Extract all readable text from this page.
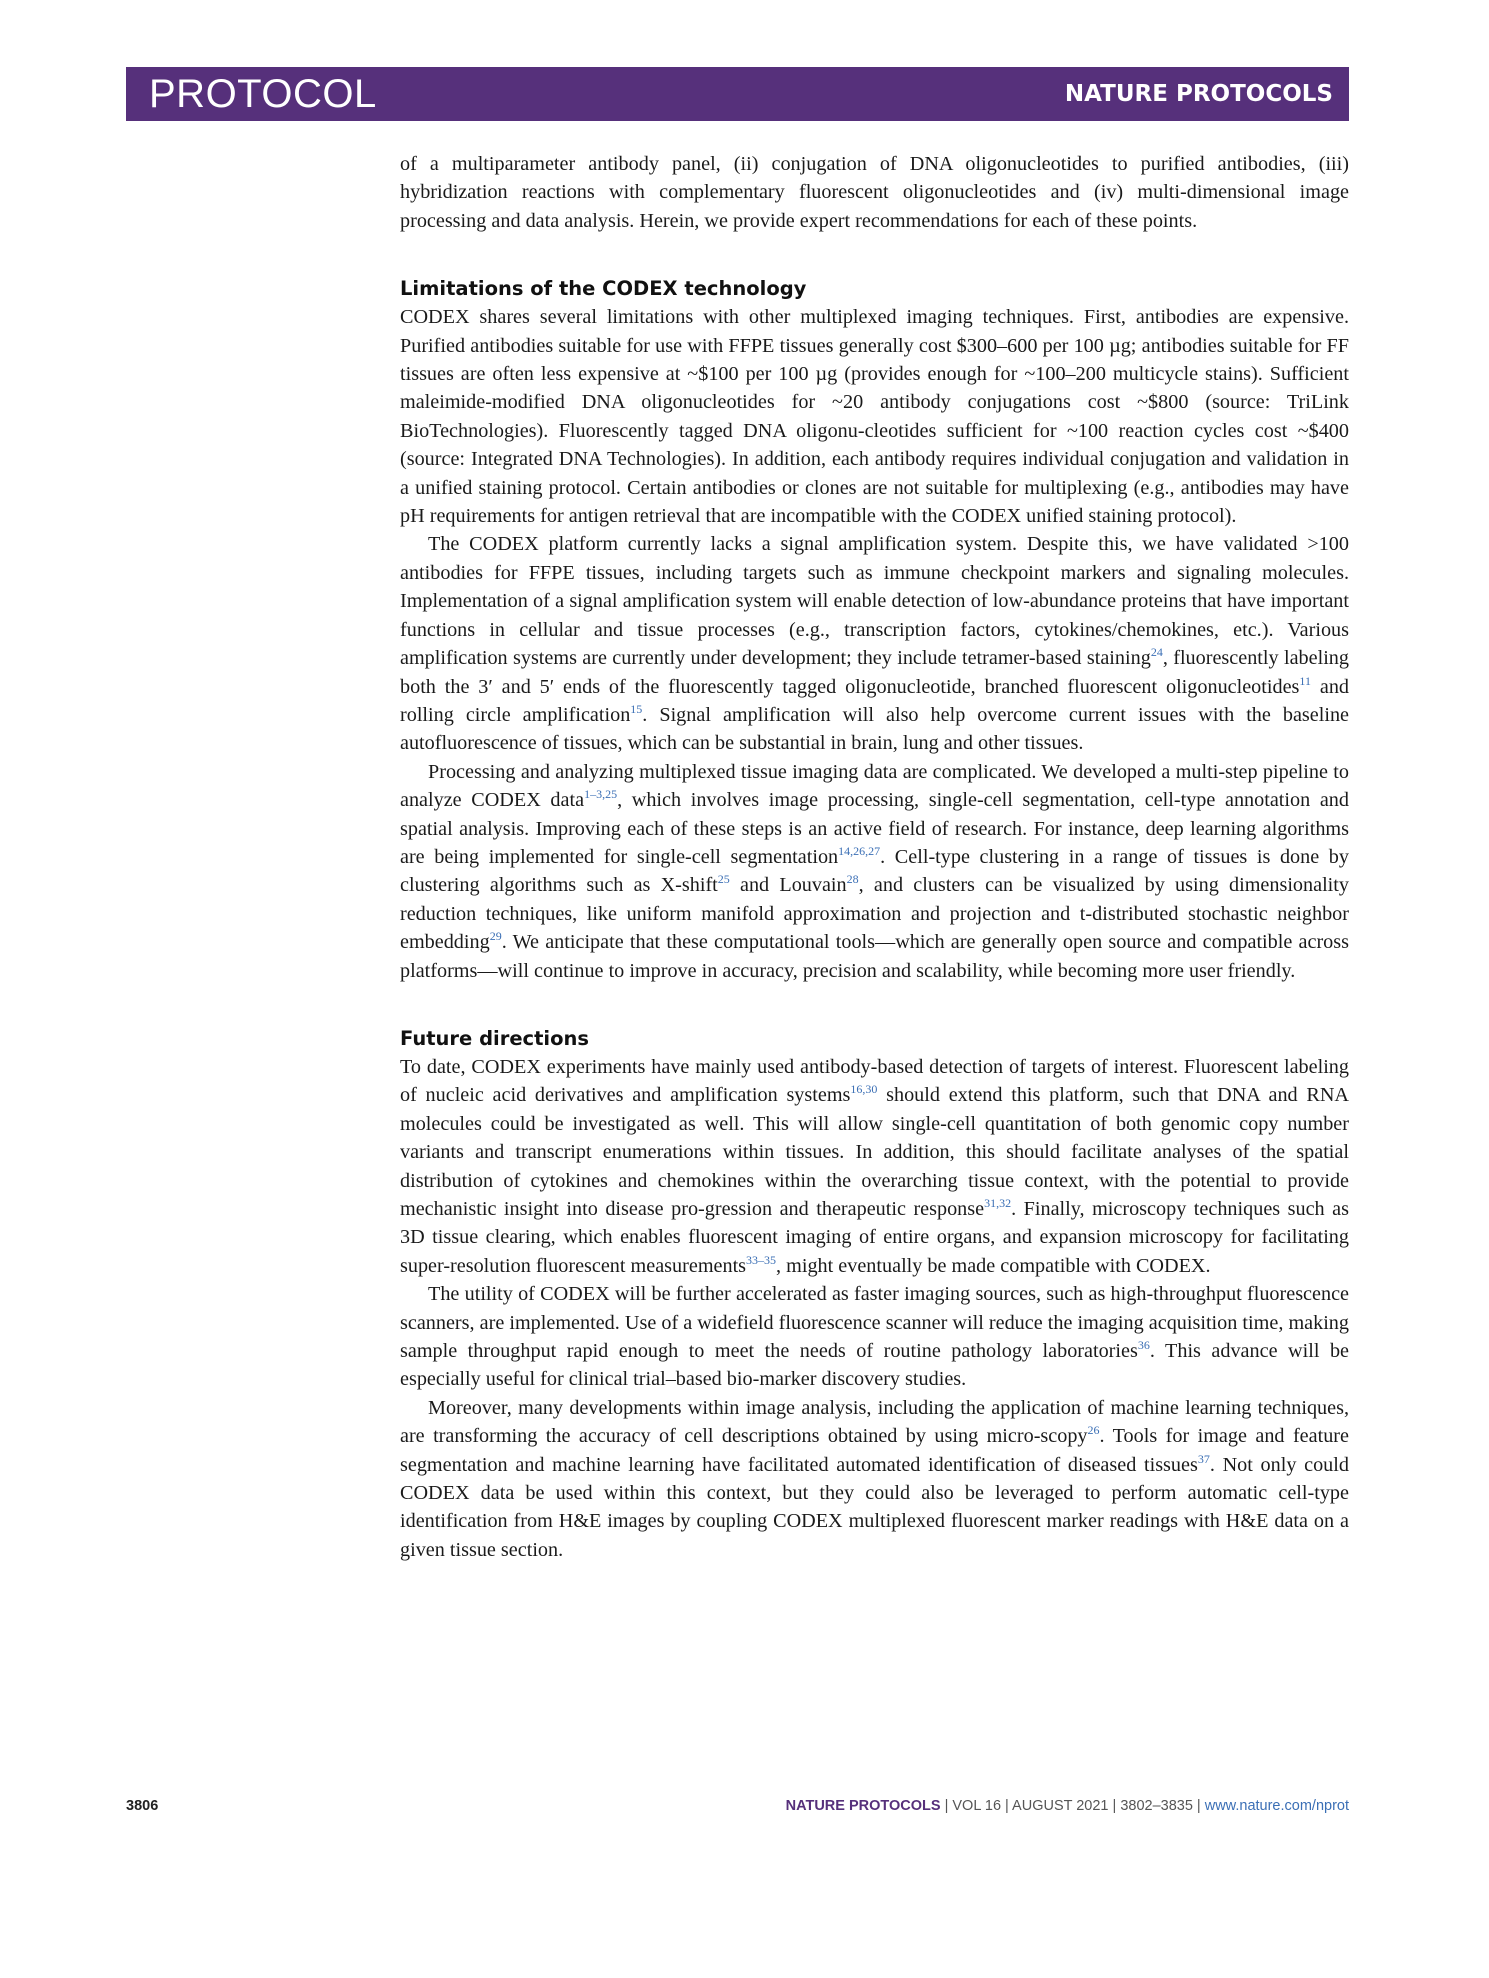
PROTOCOL	NATURE PROTOCOLS

of a multiparameter antibody panel, (ii) conjugation of DNA oligonucleotides to purified antibodies, (iii) hybridization reactions with complementary fluorescent oligonucleotides and (iv) multi-dimensional image processing and data analysis. Herein, we provide expert recommendations for each of these points.

Limitations of the CODEX technology

CODEX shares several limitations with other multiplexed imaging techniques. First, antibodies are expensive. Purified antibodies suitable for use with FFPE tissues generally cost $300–600 per 100 µg; antibodies suitable for FF tissues are often less expensive at ~$100 per 100 µg (provides enough for ~100–200 multicycle stains). Sufficient maleimide-modified DNA oligonucleotides for ~20 antibody conjugations cost ~$800 (source: TriLink BioTechnologies). Fluorescently tagged DNA oligonu-cleotides sufficient for ~100 reaction cycles cost ~$400 (source: Integrated DNA Technologies). In addition, each antibody requires individual conjugation and validation in a unified staining protocol. Certain antibodies or clones are not suitable for multiplexing (e.g., antibodies may have pH requirements for antigen retrieval that are incompatible with the CODEX unified staining protocol).

The CODEX platform currently lacks a signal amplification system. Despite this, we have validated >100 antibodies for FFPE tissues, including targets such as immune checkpoint markers and signaling molecules. Implementation of a signal amplification system will enable detection of low-abundance proteins that have important functions in cellular and tissue processes (e.g., transcription factors, cytokines/chemokines, etc.). Various amplification systems are currently under development; they include tetramer-based staining$^{24}$, fluorescently labeling both the 3′ and 5′ ends of the fluorescently tagged oligonucleotide, branched fluorescent oligonucleotides$^{11}$ and rolling circle amplification$^{15}$. Signal amplification will also help overcome current issues with the baseline autofluorescence of tissues, which can be substantial in brain, lung and other tissues.

Processing and analyzing multiplexed tissue imaging data are complicated. We developed a multi-step pipeline to analyze CODEX data$^{1-3,25}$, which involves image processing, single-cell segmentation, cell-type annotation and spatial analysis. Improving each of these steps is an active field of research. For instance, deep learning algorithms are being implemented for single-cell segmentation$^{14,26,27}$. Cell-type clustering in a range of tissues is done by clustering algorithms such as X-shift$^{25}$ and Louvain$^{28}$, and clusters can be visualized by using dimensionality reduction techniques, like uniform manifold approximation and projection and t-distributed stochastic neighbor embedding$^{29}$. We anticipate that these computational tools—which are generally open source and compatible across platforms—will continue to improve in accuracy, precision and scalability, while becoming more user friendly.

Future directions

To date, CODEX experiments have mainly used antibody-based detection of targets of interest. Fluorescent labeling of nucleic acid derivatives and amplification systems$^{16,30}$ should extend this platform, such that DNA and RNA molecules could be investigated as well. This will allow single-cell quantitation of both genomic copy number variants and transcript enumerations within tissues. In addition, this should facilitate analyses of the spatial distribution of cytokines and chemokines within the overarching tissue context, with the potential to provide mechanistic insight into disease pro-gression and therapeutic response$^{31,32}$. Finally, microscopy techniques such as 3D tissue clearing, which enables fluorescent imaging of entire organs, and expansion microscopy for facilitating super-resolution fluorescent measurements$^{33-35}$, might eventually be made compatible with CODEX.

The utility of CODEX will be further accelerated as faster imaging sources, such as high-throughput fluorescence scanners, are implemented. Use of a widefield fluorescence scanner will reduce the imaging acquisition time, making sample throughput rapid enough to meet the needs of routine pathology laboratories$^{36}$. This advance will be especially useful for clinical trial–based bio-marker discovery studies.

Moreover, many developments within image analysis, including the application of machine learning techniques, are transforming the accuracy of cell descriptions obtained by using micro-scopy$^{26}$. Tools for image and feature segmentation and machine learning have facilitated automated identification of diseased tissues$^{37}$. Not only could CODEX data be used within this context, but they could also be leveraged to perform automatic cell-type identification from H&E images by coupling CODEX multiplexed fluorescent marker readings with H&E data on a given tissue section.

3806	NATURE PROTOCOLS | VOL 16 | AUGUST 2021 | 3802–3835 | www.nature.com/nprot
